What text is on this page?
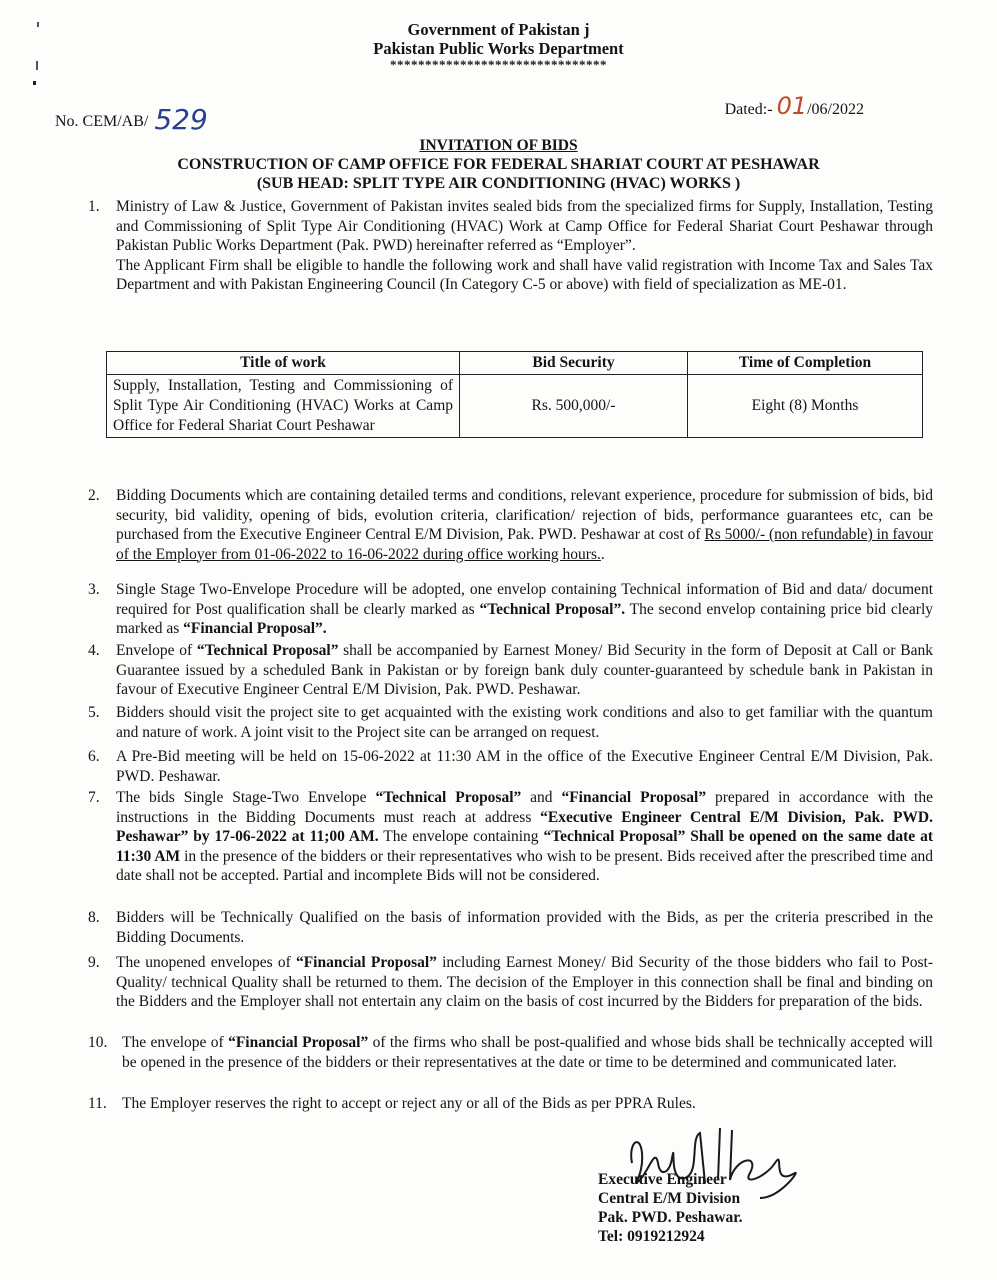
Government of Pakistan j
Pakistan Public Works Department
*******************************
No. CEM/AB/ 529	Dated:- 01/06/2022
INVITATION OF BIDS
CONSTRUCTION OF CAMP OFFICE FOR FEDERAL SHARIAT COURT AT PESHAWAR
(SUB HEAD: SPLIT TYPE AIR CONDITIONING (HVAC) WORKS )
1.	Ministry of Law & Justice, Government of Pakistan invites sealed bids from the specialized firms for Supply, Installation, Testing and Commissioning of Split Type Air Conditioning (HVAC) Work at Camp Office for Federal Shariat Court Peshawar through Pakistan Public Works Department (Pak. PWD) hereinafter referred as “Employer”.
The Applicant Firm shall be eligible to handle the following work and shall have valid registration with Income Tax and Sales Tax Department and with Pakistan Engineering Council (In Category C-5 or above) with field of specialization as ME-01.
Title of work	Bid Security	Time of Completion
Supply, Installation, Testing and Commissioning of Split Type Air Conditioning (HVAC) Works at Camp Office for Federal Shariat Court Peshawar	Rs. 500,000/-	Eight (8) Months
2.	Bidding Documents which are containing detailed terms and conditions, relevant experience, procedure for submission of bids, bid security, bid validity, opening of bids, evolution criteria, clarification/ rejection of bids, performance guarantees etc, can be purchased from the Executive Engineer Central E/M Division, Pak. PWD. Peshawar at cost of Rs 5000/- (non refundable) in favour of the Employer from 01-06-2022 to 16-06-2022 during office working hours..
3.	Single Stage Two-Envelope Procedure will be adopted, one envelop containing Technical information of Bid and data/ document required for Post qualification shall be clearly marked as “Technical Proposal”. The second envelop containing price bid clearly marked as “Financial Proposal”.
4.	Envelope of “Technical Proposal” shall be accompanied by Earnest Money/ Bid Security in the form of Deposit at Call or Bank Guarantee issued by a scheduled Bank in Pakistan or by foreign bank duly counter-guaranteed by schedule bank in Pakistan in favour of Executive Engineer Central E/M Division, Pak. PWD. Peshawar.
5.	Bidders should visit the project site to get acquainted with the existing work conditions and also to get familiar with the quantum and nature of work. A joint visit to the Project site can be arranged on request.
6.	A Pre-Bid meeting will be held on 15-06-2022 at 11:30 AM in the office of the Executive Engineer Central E/M Division, Pak. PWD. Peshawar.
7.	The bids Single Stage-Two Envelope “Technical Proposal” and “Financial Proposal” prepared in accordance with the instructions in the Bidding Documents must reach at address “Executive Engineer Central E/M Division, Pak. PWD. Peshawar” by 17-06-2022 at 11;00 AM. The envelope containing “Technical Proposal” Shall be opened on the same date at 11:30 AM in the presence of the bidders or their representatives who wish to be present. Bids received after the prescribed time and date shall not be accepted. Partial and incomplete Bids will not be considered.
8.	Bidders will be Technically Qualified on the basis of information provided with the Bids, as per the criteria prescribed in the Bidding Documents.
9.	The unopened envelopes of “Financial Proposal” including Earnest Money/ Bid Security of the those bidders who fail to Post-Quality/ technical Quality shall be returned to them. The decision of the Employer in this connection shall be final and binding on the Bidders and the Employer shall not entertain any claim on the basis of cost incurred by the Bidders for preparation of the bids.
10. The envelope of “Financial Proposal” of the firms who shall be post-qualified and whose bids shall be technically accepted will be opened in the presence of the bidders or their representatives at the date or time to be determined and communicated later.
11. The Employer reserves the right to accept or reject any or all of the Bids as per PPRA Rules.
Executive Engineer
Central E/M Division
Pak. PWD. Peshawar.
Tel: 0919212924
